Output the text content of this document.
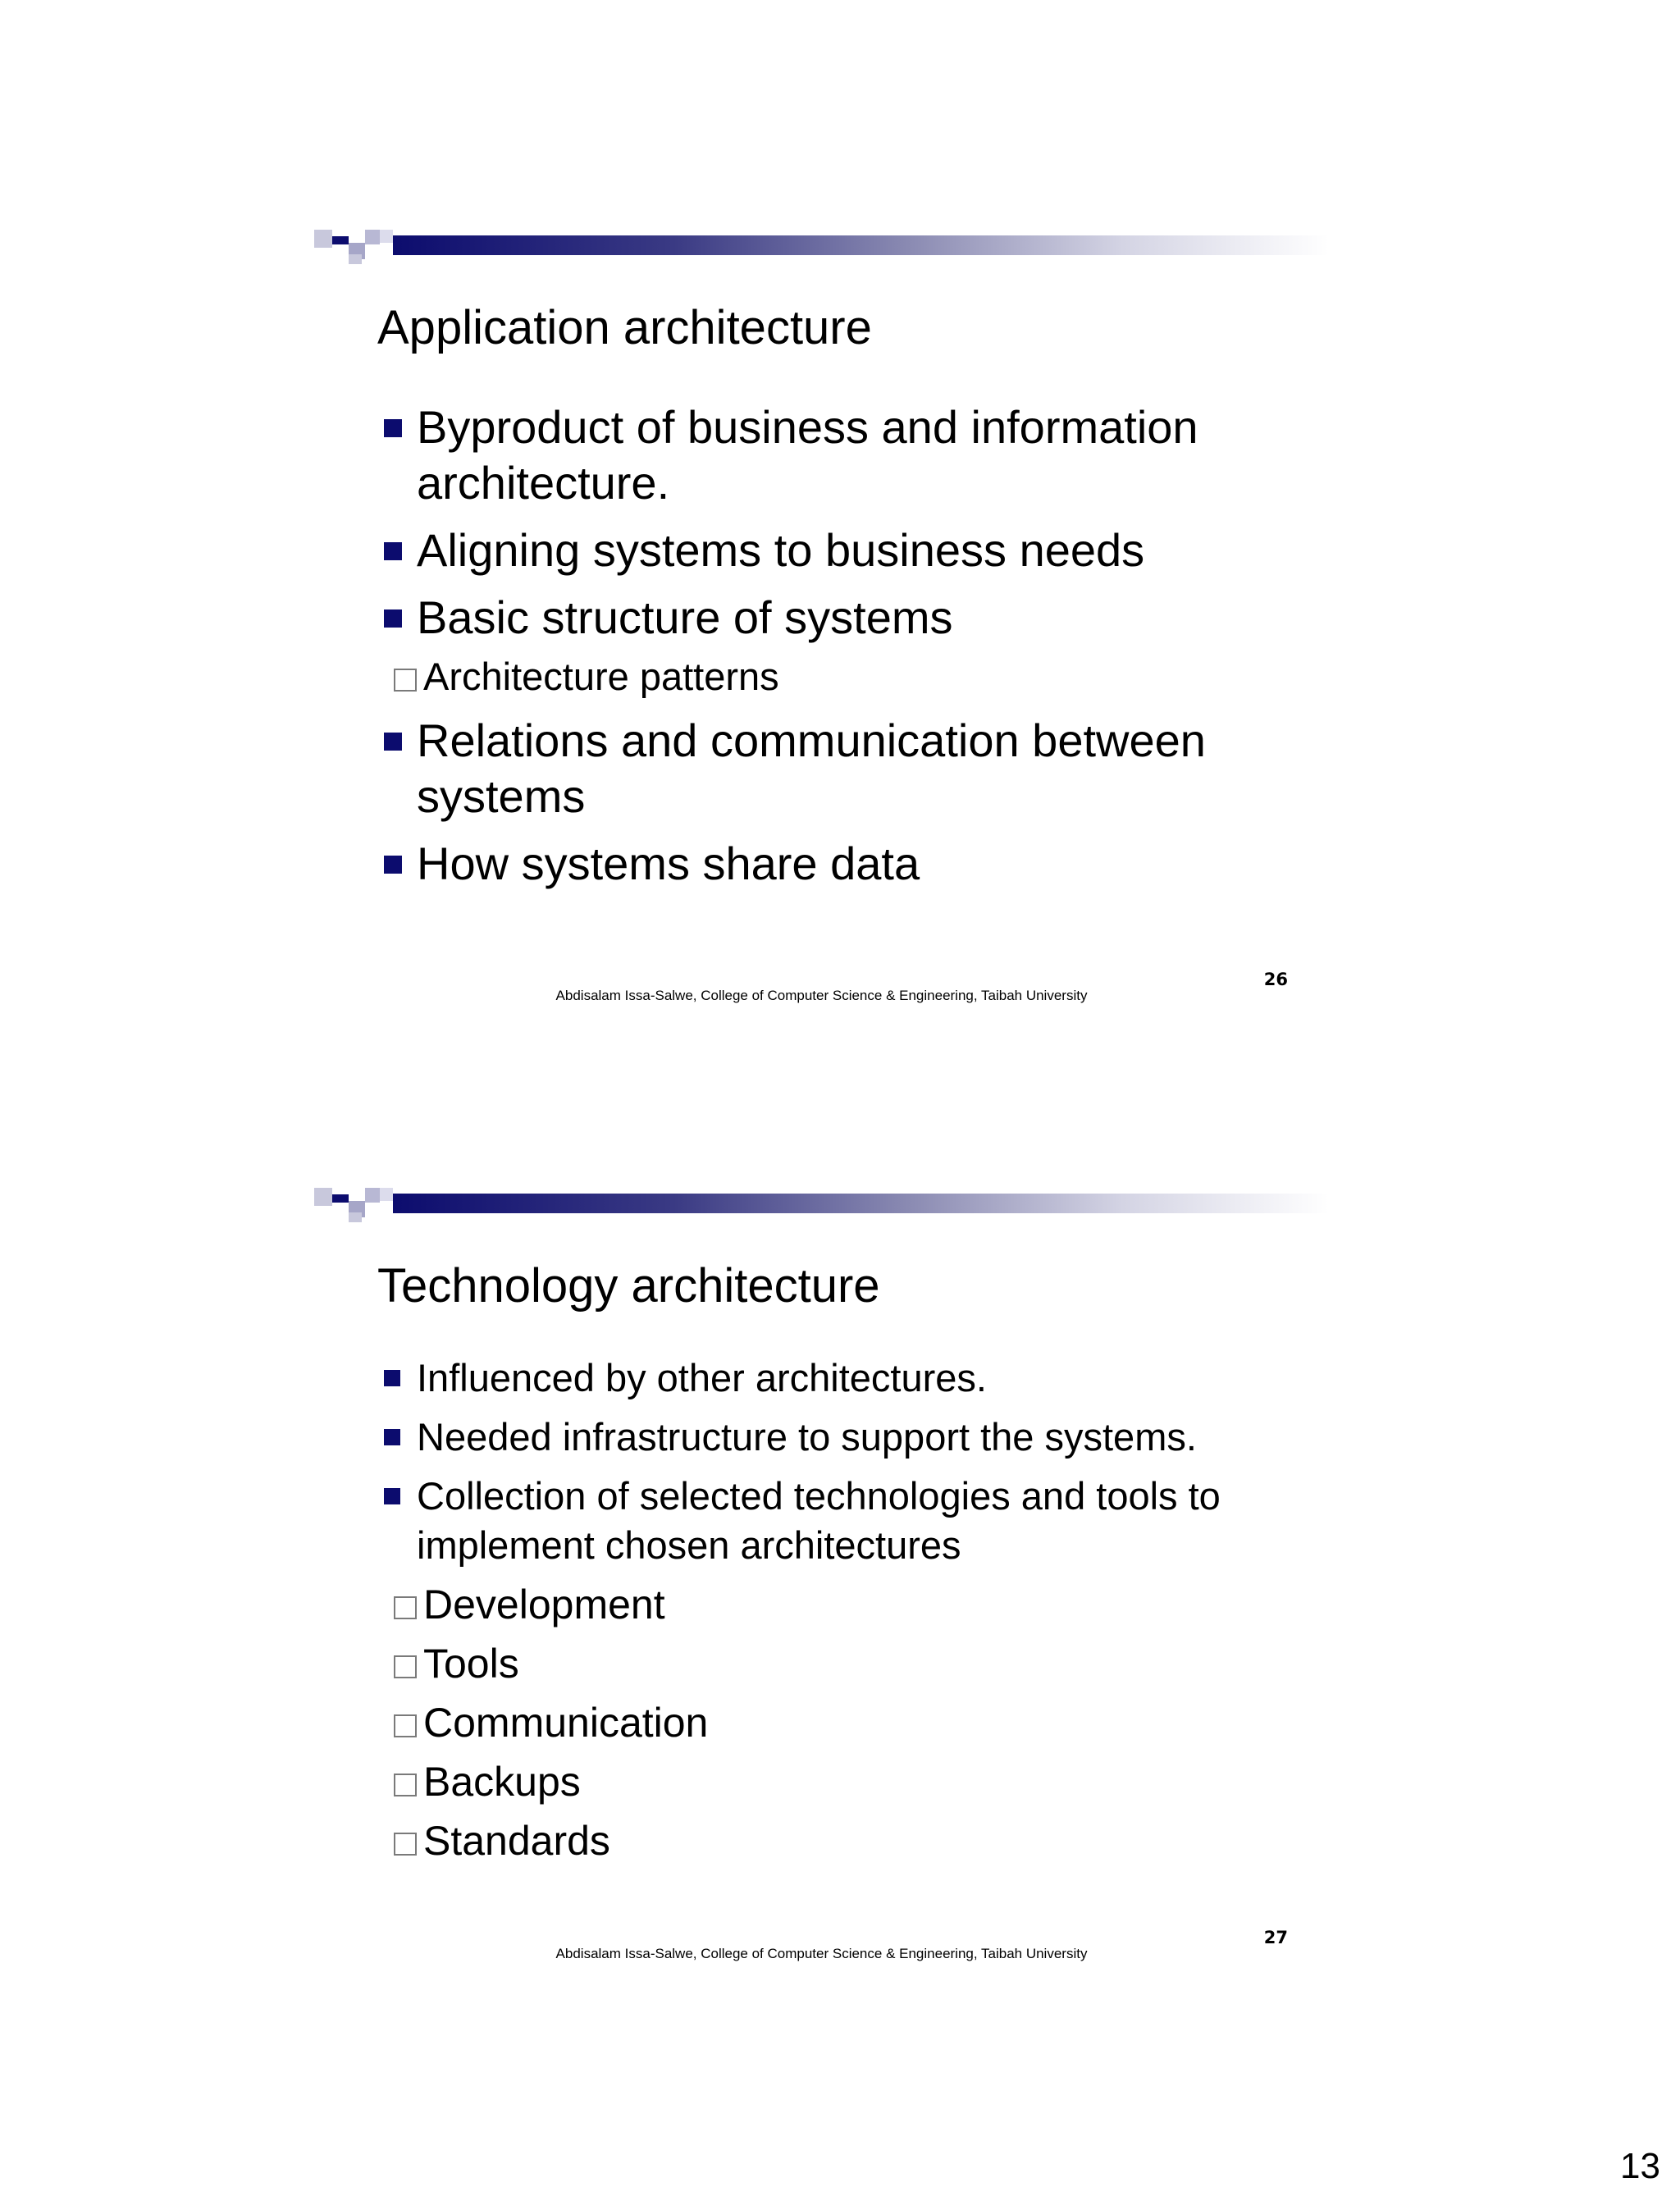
Application architecture
Byproduct of business and information architecture.
Aligning systems to business needs
Basic structure of systems
Architecture patterns
Relations and communication between systems
How systems share data
Abdisalam Issa-Salwe, College of Computer Science & Engineering, Taibah University
26
Technology architecture
Influenced by other architectures.
Needed infrastructure to support the systems.
Collection of selected technologies and tools to implement chosen architectures
Development
Tools
Communication
Backups
Standards
Abdisalam Issa-Salwe, College of Computer Science & Engineering, Taibah University
27
13
